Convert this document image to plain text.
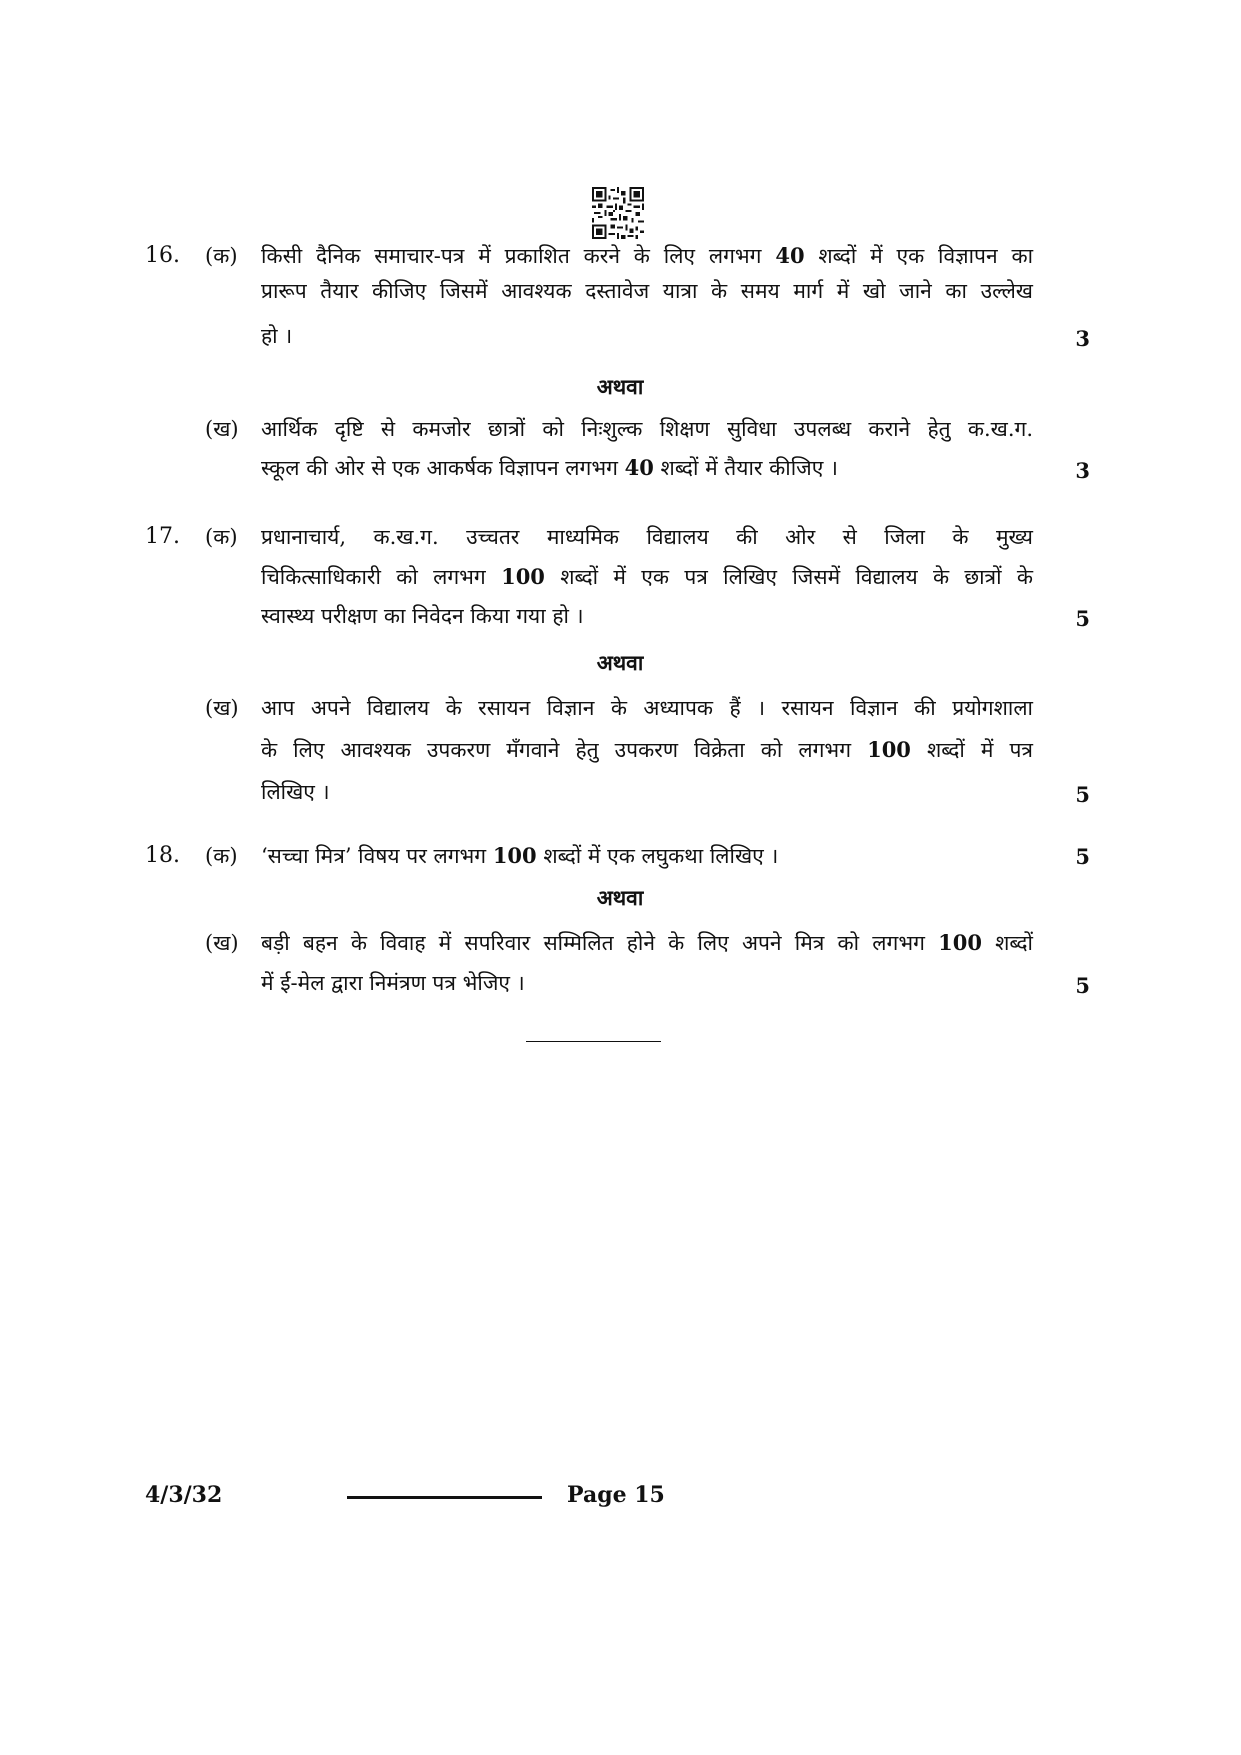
16. (क) किसी दैनिक समाचार-पत्र में प्रकाशित करने के लिए लगभग 40 शब्दों में एक विज्ञापन का
प्रारूप तैयार कीजिए जिसमें आवश्यक दस्तावेज यात्रा के समय मार्ग में खो जाने का उल्लेख
हो ।	3
अथवा
(ख) आर्थिक दृष्टि से कमजोर छात्रों को निःशुल्क शिक्षण सुविधा उपलब्ध कराने हेतु क.ख.ग.
स्कूल की ओर से एक आकर्षक विज्ञापन लगभग 40 शब्दों में तैयार कीजिए ।	3
17. (क) प्रधानाचार्य, क.ख.ग. उच्चतर माध्यमिक विद्यालय की ओर से जिला के मुख्य
चिकित्साधिकारी को लगभग 100 शब्दों में एक पत्र लिखिए जिसमें विद्यालय के छात्रों के
स्वास्थ्य परीक्षण का निवेदन किया गया हो ।	5
अथवा
(ख) आप अपने विद्यालय के रसायन विज्ञान के अध्यापक हैं । रसायन विज्ञान की प्रयोगशाला
के लिए आवश्यक उपकरण मँगवाने हेतु उपकरण विक्रेता को लगभग 100 शब्दों में पत्र
लिखिए ।	5
18. (क) ‘सच्चा मित्र’ विषय पर लगभग 100 शब्दों में एक लघुकथा लिखिए ।	5
अथवा
(ख) बड़ी बहन के विवाह में सपरिवार सम्मिलित होने के लिए अपने मित्र को लगभग 100 शब्दों
में ई-मेल द्वारा निमंत्रण पत्र भेजिए ।	5
4/3/32	Page 15
